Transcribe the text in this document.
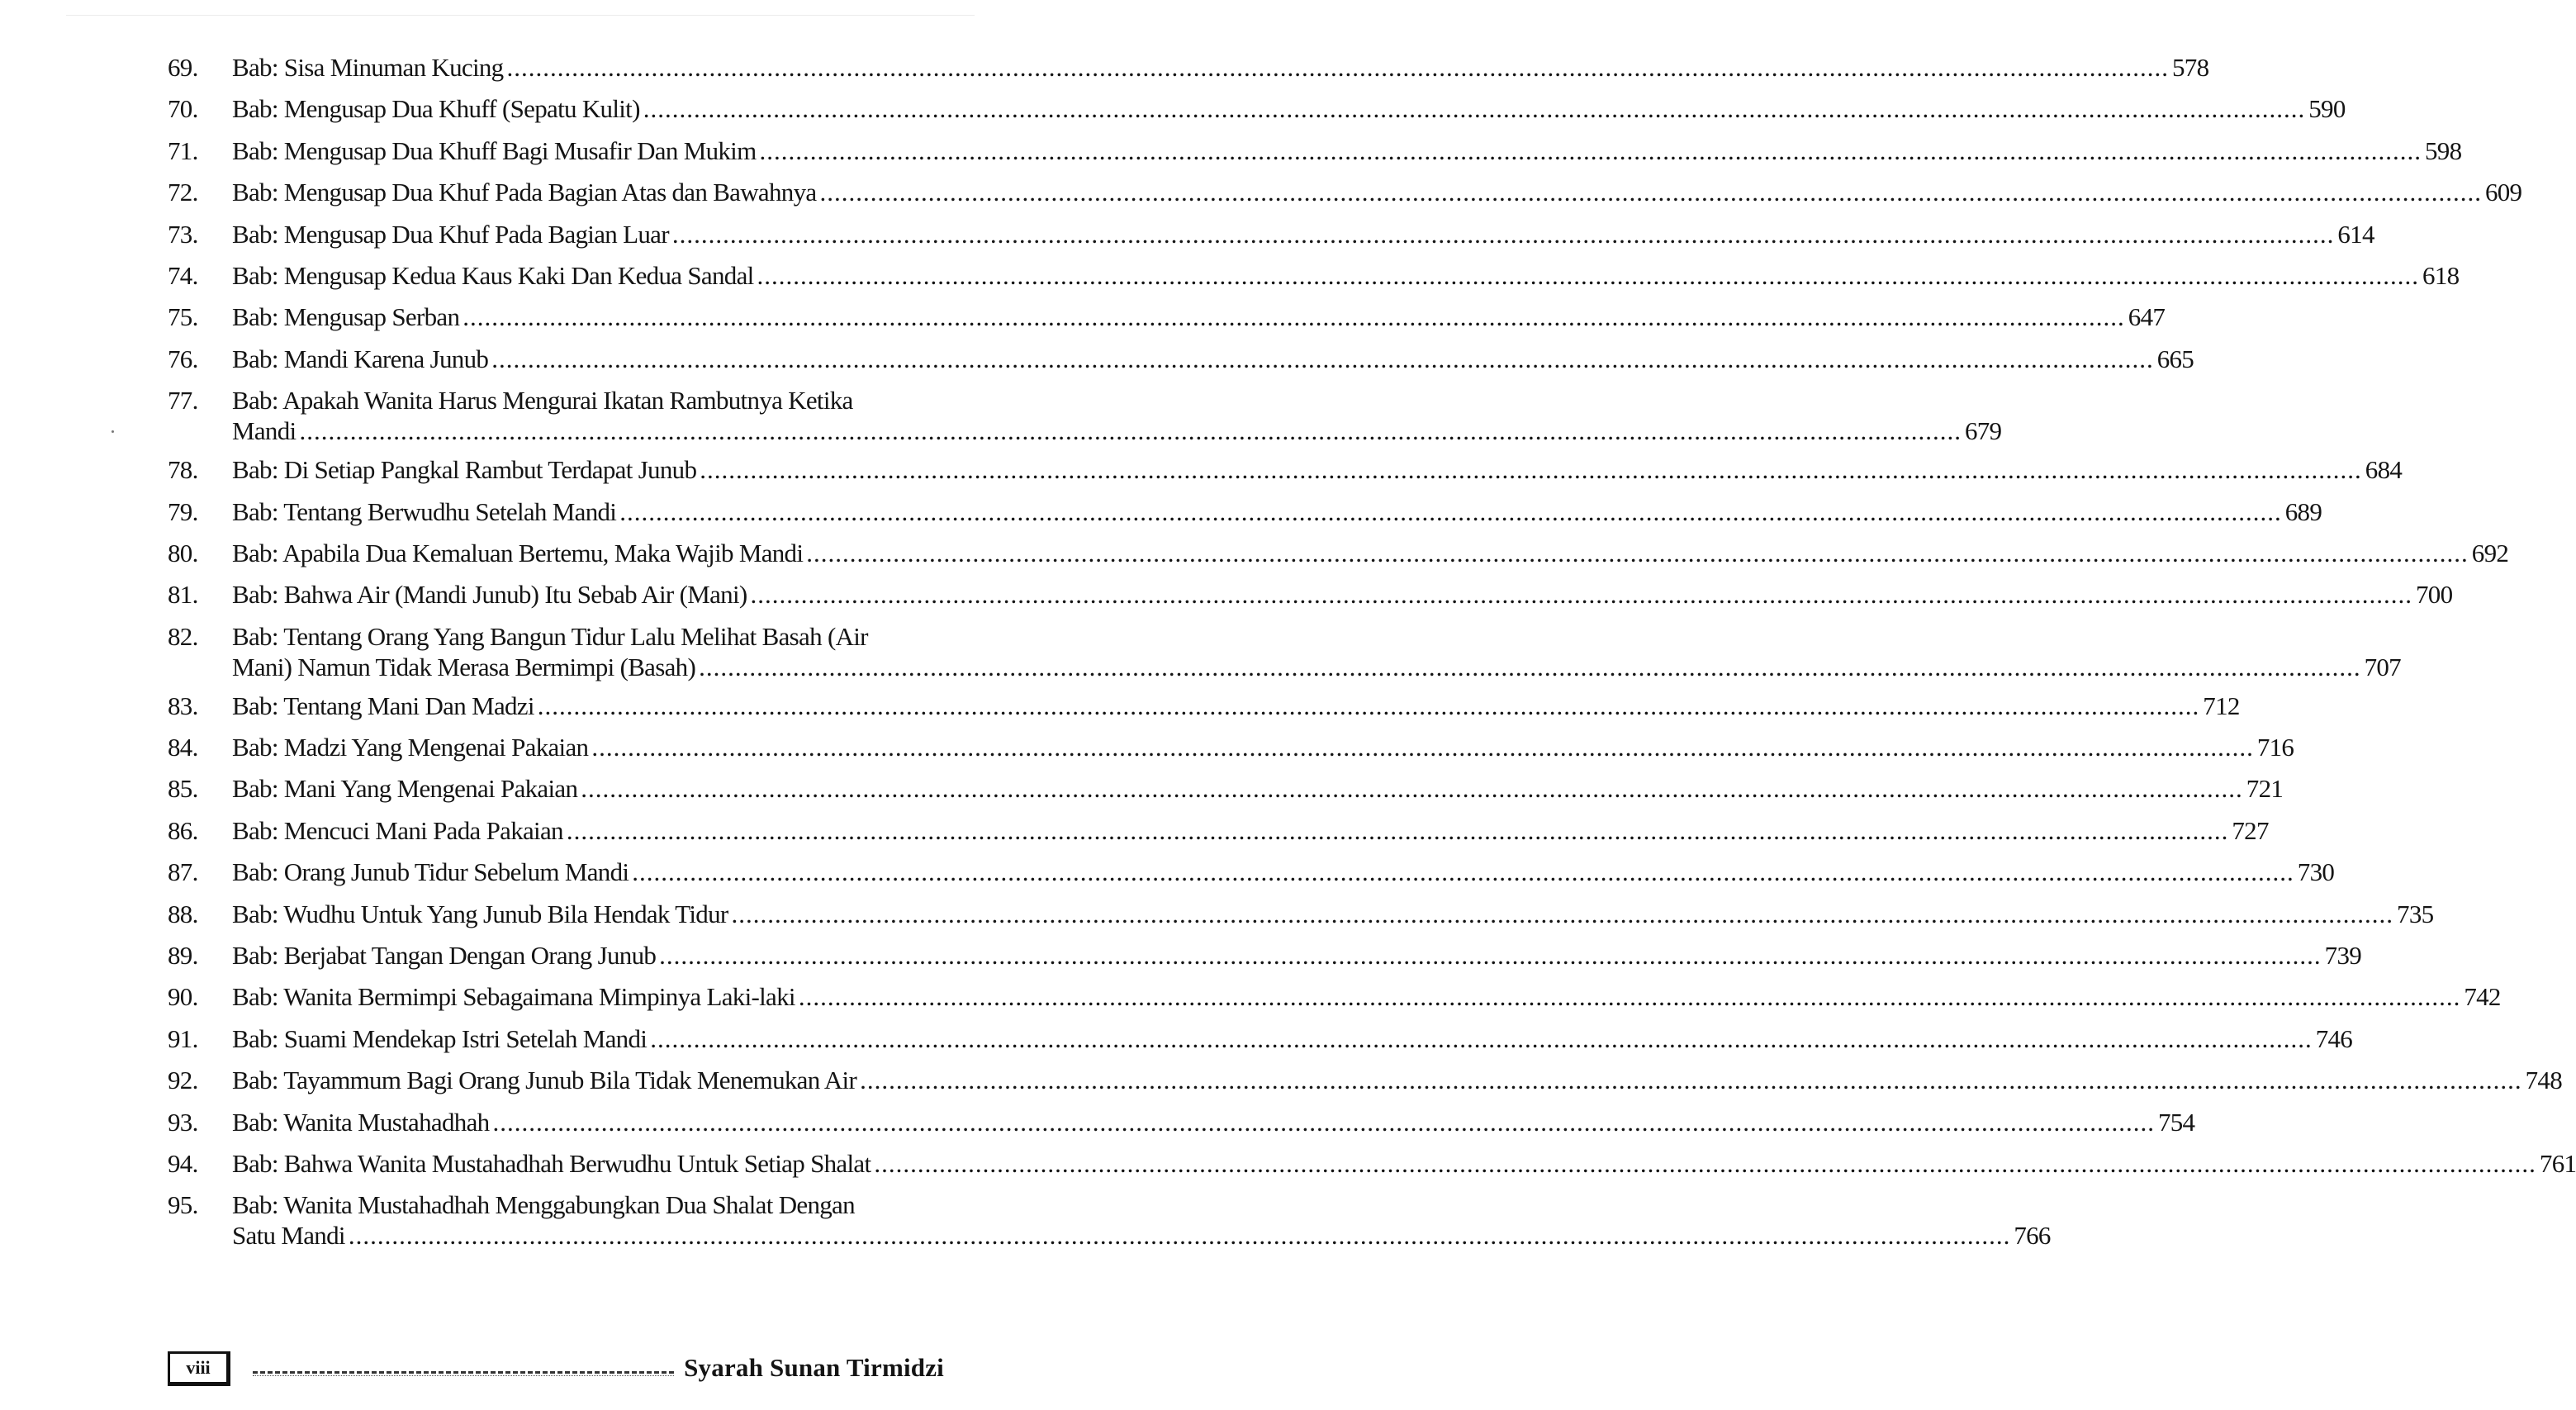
69.	Bab: Sisa Minuman Kucing .....	578
70.	Bab: Mengusap Dua Khuff (Sepatu Kulit) .....	590
71.	Bab: Mengusap Dua Khuff Bagi Musafir Dan Mukim .....	598
72.	Bab: Mengusap Dua Khuf Pada Bagian Atas dan Bawahnya .....	609
73.	Bab: Mengusap Dua Khuf Pada Bagian Luar .....	614
74.	Bab: Mengusap Kedua Kaus Kaki Dan Kedua Sandal .....	618
75.	Bab: Mengusap Serban .....	647
76.	Bab: Mandi Karena Junub .....	665
77.	Bab: Apakah Wanita Harus Mengurai Ikatan Rambutnya Ketika
Mandi .....	679
78.	Bab: Di Setiap Pangkal Rambut Terdapat Junub .....	684
79.	Bab: Tentang Berwudhu Setelah Mandi .....	689
80.	Bab: Apabila Dua Kemaluan Bertemu, Maka Wajib Mandi .....	692
81.	Bab: Bahwa Air (Mandi Junub) Itu Sebab Air (Mani) .....	700
82.	Bab: Tentang Orang Yang Bangun Tidur Lalu Melihat Basah (Air
Mani) Namun Tidak Merasa Bermimpi (Basah) .....	707
83.	Bab: Tentang Mani Dan Madzi .....	712
84.	Bab: Madzi Yang Mengenai Pakaian .....	716
85.	Bab: Mani Yang Mengenai Pakaian .....	721
86.	Bab: Mencuci Mani Pada Pakaian .....	727
87.	Bab: Orang Junub Tidur Sebelum Mandi .....	730
88.	Bab: Wudhu Untuk Yang Junub Bila Hendak Tidur .....	735
89.	Bab: Berjabat Tangan Dengan Orang Junub .....	739
90.	Bab: Wanita Bermimpi Sebagaimana Mimpinya Laki-laki .....	742
91.	Bab: Suami Mendekap Istri Setelah Mandi .....	746
92.	Bab: Tayammum Bagi Orang Junub Bila Tidak Menemukan Air .....	748
93.	Bab: Wanita Mustahadhah .....	754
94.	Bab: Bahwa Wanita Mustahadhah Berwudhu Untuk Setiap Shalat .....	761
95.	Bab: Wanita Mustahadhah Menggabungkan Dua Shalat Dengan
Satu Mandi .....	766
viii	Syarah Sunan Tirmidzi
